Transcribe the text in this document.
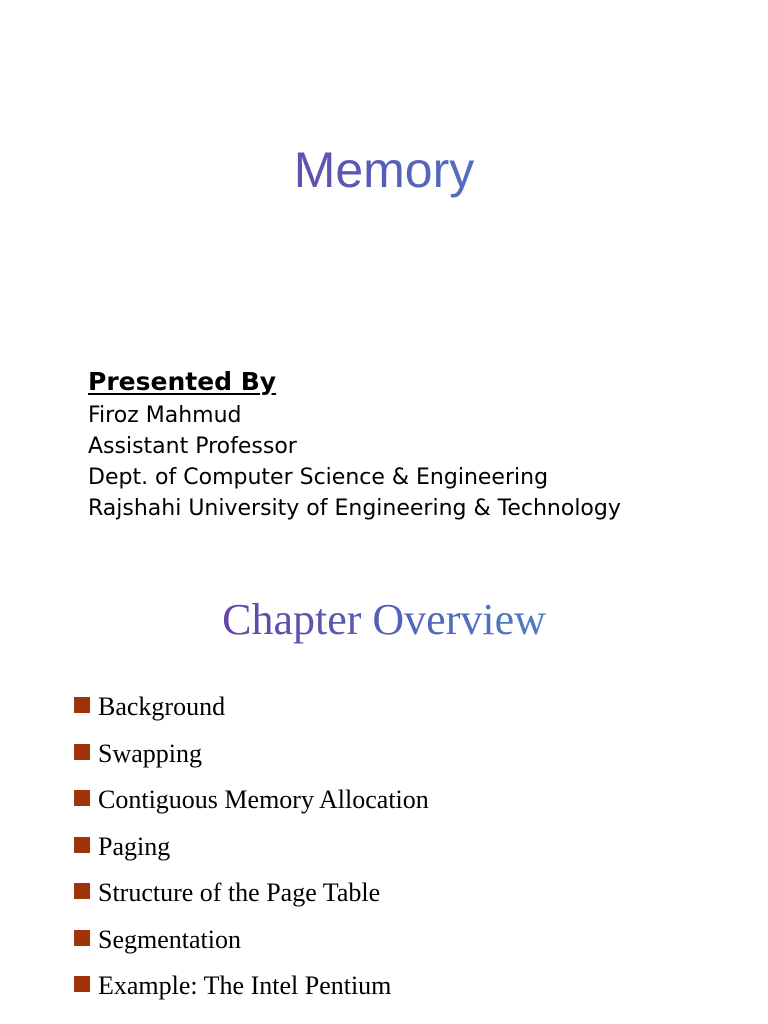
Memory
Presented By
Firoz Mahmud
Assistant Professor
Dept. of Computer Science & Engineering
Rajshahi University of Engineering & Technology
Chapter Overview
Background
Swapping
Contiguous Memory Allocation
Paging
Structure of the Page Table
Segmentation
Example: The Intel Pentium
